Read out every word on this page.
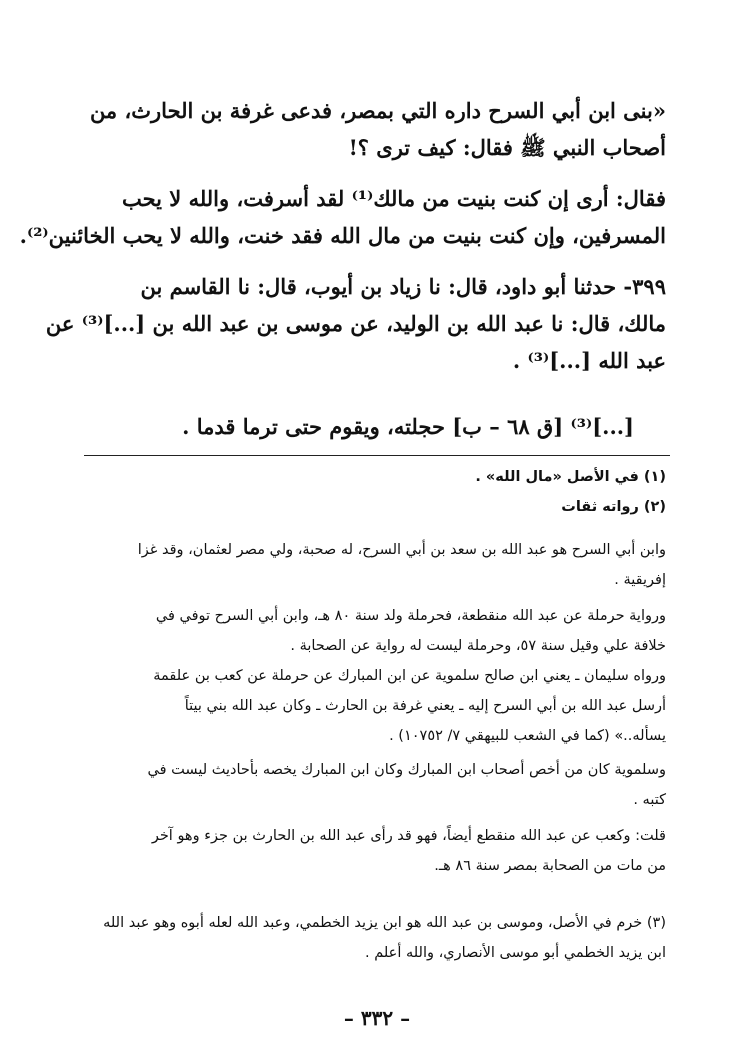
«بنى ابن أبي السرح داره التي بمصر، فدعى غرفة بن الحارث، من
أصحاب النبي ﷺ فقال: كيف ترى ؟!
فقال: أرى إن كنت بنيت من مالك⁽¹⁾ لقد أسرفت، والله لا يحب
المسرفين، وإن كنت بنيت من مال الله فقد خنت، والله لا يحب الخائنين⁽²⁾.
٣٩٩- حدثنا أبو داود، قال: نا زياد بن أيوب، قال: نا القاسم بن
مالك، قال: نا عبد الله بن الوليد، عن موسى بن عبد الله بن [...]⁽³⁾ عن
عبد الله [...]⁽³⁾ .
[...]⁽³⁾ [ق ٦٨ – ب] حجلته، ويقوم حتى ترما قدما .
(١) في الأصل «مال الله» .
(٢) رواته ثقات
وابن أبي السرح هو عبد الله بن سعد بن أبي السرح، له صحبة، ولي مصر لعثمان، وقد غزا
إفريقية .
ورواية حرملة عن عبد الله منقطعة، فحرملة ولد سنة ٨٠ هـ، وابن أبي السرح توفي في
خلافة علي وقيل سنة ٥٧، وحرملة ليست له رواية عن الصحابة .
ورواه سليمان ـ يعني ابن صالح سلموية عن ابن المبارك عن حرملة عن كعب بن علقمة
أرسل عبد الله بن أبي السرح إليه ـ يعني غرفة بن الحارث ـ وكان عبد الله بني بيتاً
يسأله..» (كما في الشعب للبيهقي ٧/ ١٠٧٥٢) .
وسلموية كان من أخص أصحاب ابن المبارك وكان ابن المبارك يخصه بأحاديث ليست في
كتبه .
قلت: وكعب عن عبد الله منقطع أيضاً، فهو قد رأى عبد الله بن الحارث بن جزء وهو آخر
من مات من الصحابة بمصر سنة ٨٦ هـ.
(٣) خرم في الأصل، وموسى بن عبد الله هو ابن يزيد الخطمي، وعبد الله لعله أبوه وهو عبد الله
ابن يزيد الخطمي أبو موسى الأنصاري، والله أعلم .
– ٣٣٢ –
